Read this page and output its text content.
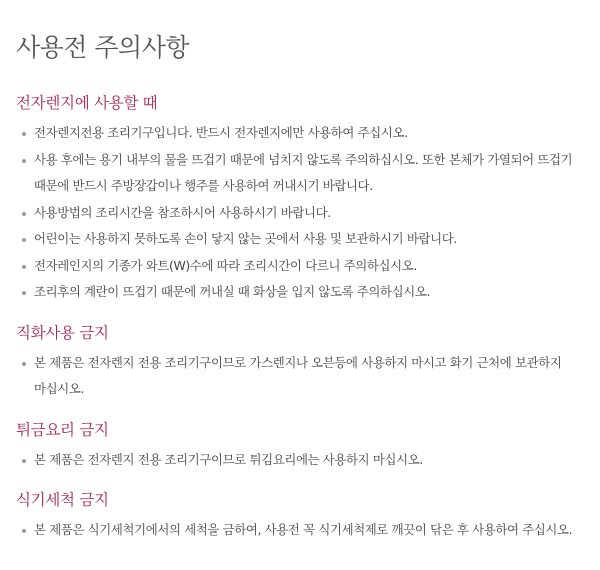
사용전 주의사항
전자렌지에 사용할 때
전자렌지전용 조리기구입니다. 반드시 전자렌지에만 사용하여 주십시오.
사용 후에는 용기 내부의 물을 뜨겁기 때문에 넘치지 않도록 주의하십시오. 또한 본체가 가열되어 뜨겁기 때문에 반드시 주방장갑이나 행주를 사용하여 꺼내시기 바랍니다.
사용방법의 조리시간을 참조하시어 사용하시기 바랍니다.
어린이는 사용하지 못하도록 손이 닿지 않는 곳에서 사용 및 보관하시기 바랍니다.
전자레인지의 기종가 와트(W)수에 따라 조리시간이 다르니 주의하십시오.
조리후의 계란이 뜨겁기 때문에 꺼내실 때 화상을 입지 않도록 주의하십시오.
직화사용 금지
본 제품은 전자렌지 전용 조리기구이므로 가스렌지나 오븐등에 사용하지 마시고 화기 근처에 보관하지 마십시오.
튀금요리 금지
본 제품은 전자렌지 전용 조리기구이므로 튀김요리에는 사용하지 마십시오.
식기세척 금지
본 제품은 식기세척기에서의 세척을 금하여, 사용전 꼭 식기세척제로 깨끗이 닦은 후 사용하여 주십시오.
